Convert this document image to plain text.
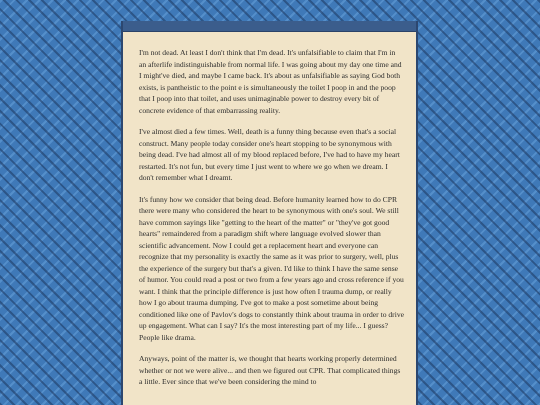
I'm not dead. At least I don't think that I'm dead. It's unfalsifiable to claim that I'm in an afterlife indistinguishable from normal life. I was going about my day one time and I might've died, and maybe I came back. It's about as unfalsifiable as saying God both exists, is pantheistic to the point e is simultaneously the toilet I poop in and the poop that I poop into that toilet, and uses unimaginable power to destroy every bit of concrete evidence of that embarrassing reality.

I've almost died a few times. Well, death is a funny thing because even that's a social construct. Many people today consider one's heart stopping to be synonymous with being dead. I've had almost all of my blood replaced before, I've had to have my heart restarted. It's not fun, but every time I just went to where we go when we dream. I don't remember what I dreamt.

It's funny how we consider that being dead. Before humanity learned how to do CPR there were many who considered the heart to be synonymous with one's soul. We still have common sayings like "getting to the heart of the matter" or "they've got good hearts" remaindered from a paradigm shift where language evolved slower than scientific advancement. Now I could get a replacement heart and everyone can recognize that my personality is exactly the same as it was prior to surgery, well, plus the experience of the surgery but that's a given. I'd like to think I have the same sense of humor. You could read a post or two from a few years ago and cross reference if you want. I think that the principle difference is just how often I trauma dump, or really how I go about trauma dumping. I've got to make a post sometime about being conditioned like one of Pavlov's dogs to constantly think about trauma in order to drive up engagement. What can I say? It's the most interesting part of my life... I guess? People like drama.

Anyways, point of the matter is, we thought that hearts working properly determined whether or not we were alive... and then we figured out CPR. That complicated things a little. Ever since that we've been considering the mind to
